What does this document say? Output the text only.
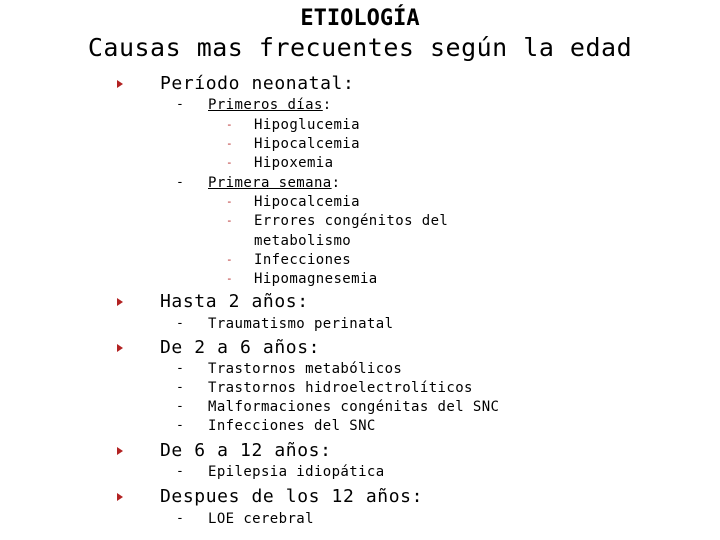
ETIOLOGÍA
Causas mas frecuentes según la edad
Período neonatal:
- Primeros días:
- Hipoglucemia
- Hipocalcemia
- Hipoxemia
- Primera semana:
- Hipocalcemia
- Errores congénitos del
metabolismo
- Infecciones
- Hipomagnesemia
Hasta 2 años:
- Traumatismo perinatal
De 2 a 6 años:
- Trastornos metabólicos
- Trastornos hidroelectrolíticos
- Malformaciones congénitas del SNC
- Infecciones del SNC
De 6 a 12 años:
- Epilepsia idiopática
Despues de los 12 años:
- LOE cerebral
